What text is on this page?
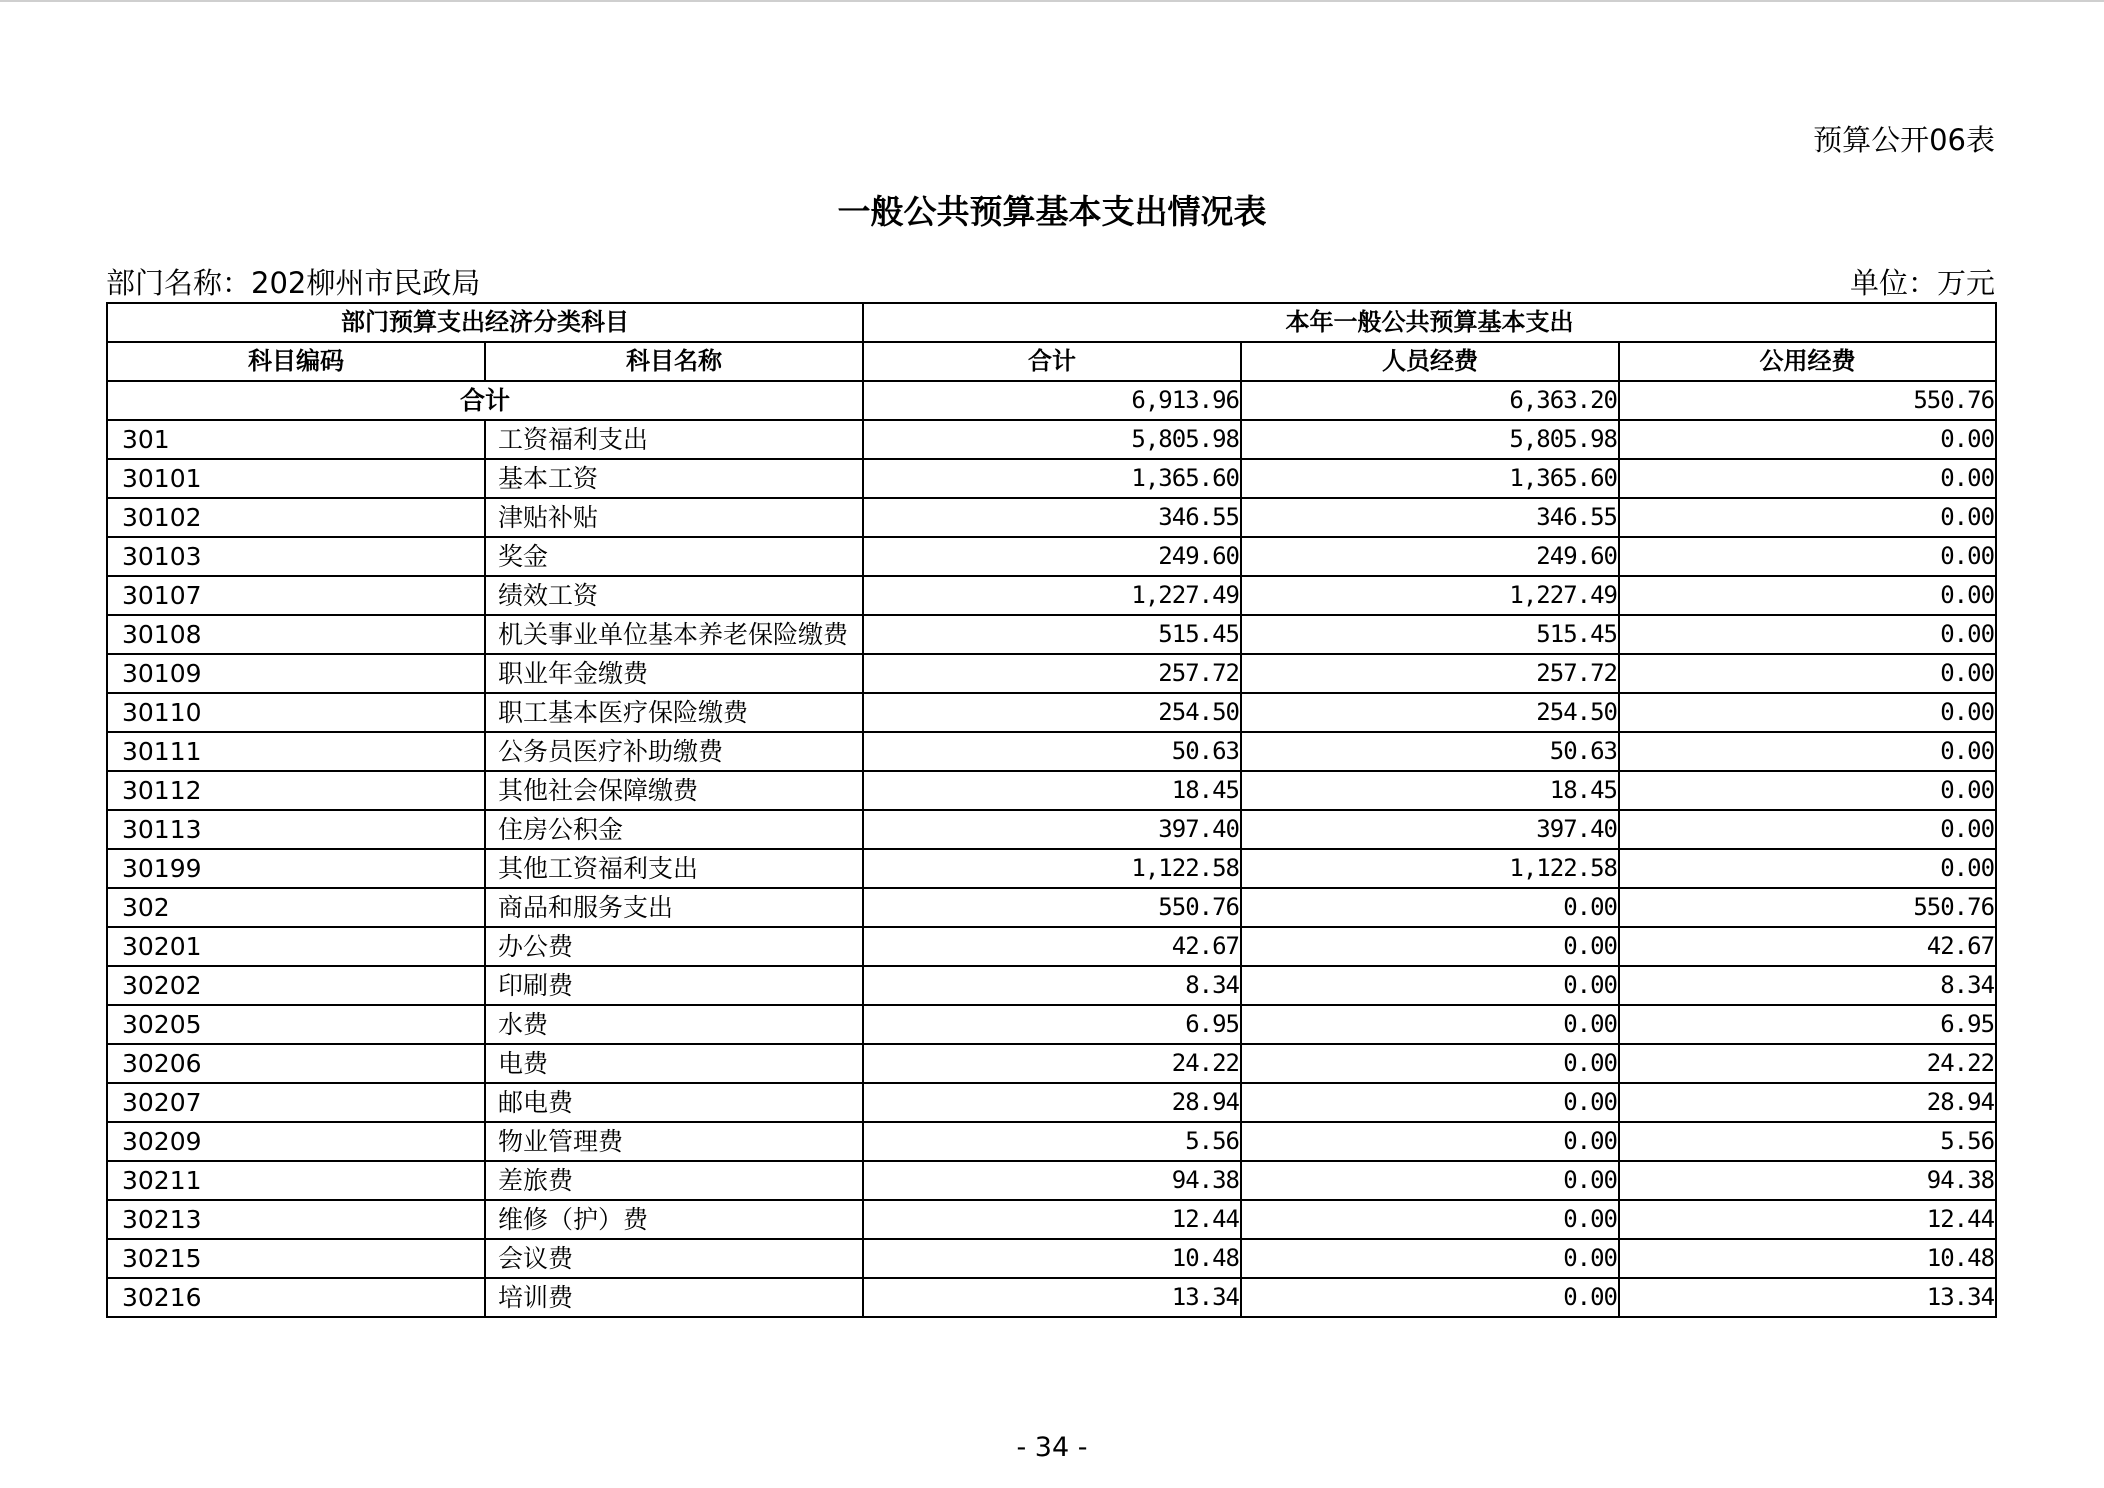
预算公开06表
一般公共预算基本支出情况表
部门名称：202柳州市民政局	单位：万元
部门预算支出经济分类科目		本年一般公共预算基本支出		
科目编码	科目名称	合计	人员经费	公用经费
合计		6,913.96	6,363.20	550.76
301	工资福利支出	5,805.98	5,805.98	0.00
30101	基本工资	1,365.60	1,365.60	0.00
30102	津贴补贴	346.55	346.55	0.00
30103	奖金	249.60	249.60	0.00
30107	绩效工资	1,227.49	1,227.49	0.00
30108	机关事业单位基本养老保险缴费	515.45	515.45	0.00
30109	职业年金缴费	257.72	257.72	0.00
30110	职工基本医疗保险缴费	254.50	254.50	0.00
30111	公务员医疗补助缴费	50.63	50.63	0.00
30112	其他社会保障缴费	18.45	18.45	0.00
30113	住房公积金	397.40	397.40	0.00
30199	其他工资福利支出	1,122.58	1,122.58	0.00
302	商品和服务支出	550.76	0.00	550.76
30201	办公费	42.67	0.00	42.67
30202	印刷费	8.34	0.00	8.34
30205	水费	6.95	0.00	6.95
30206	电费	24.22	0.00	24.22
30207	邮电费	28.94	0.00	28.94
30209	物业管理费	5.56	0.00	5.56
30211	差旅费	94.38	0.00	94.38
30213	维修（护）费	12.44	0.00	12.44
30215	会议费	10.48	0.00	10.48
30216	培训费	13.34	0.00	13.34
- 34 -
